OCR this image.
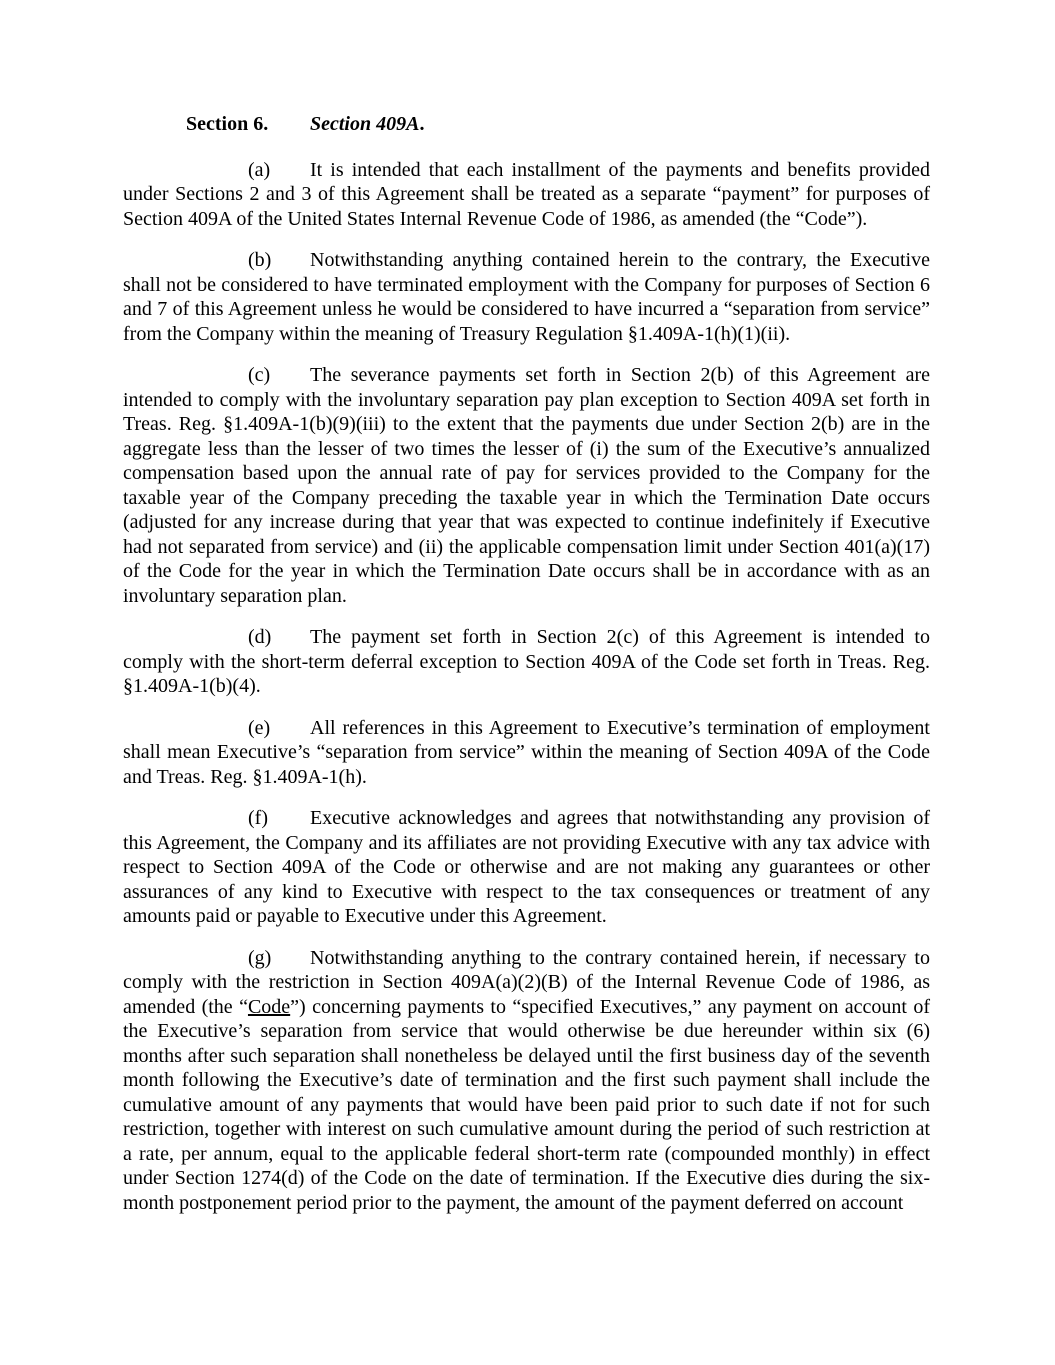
Section 6. Section 409A.

(a) It is intended that each installment of the payments and benefits provided under Sections 2 and 3 of this Agreement shall be treated as a separate “payment” for purposes of Section 409A of the United States Internal Revenue Code of 1986, as amended (the “Code”).

(b) Notwithstanding anything contained herein to the contrary, the Executive shall not be considered to have terminated employment with the Company for purposes of Section 6 and 7 of this Agreement unless he would be considered to have incurred a “separation from service” from the Company within the meaning of Treasury Regulation §1.409A-1(h)(1)(ii).

(c) The severance payments set forth in Section 2(b) of this Agreement are intended to comply with the involuntary separation pay plan exception to Section 409A set forth in Treas. Reg. §1.409A-1(b)(9)(iii) to the extent that the payments due under Section 2(b) are in the aggregate less than the lesser of two times the lesser of (i) the sum of the Executive’s annualized compensation based upon the annual rate of pay for services provided to the Company for the taxable year of the Company preceding the taxable year in which the Termination Date occurs (adjusted for any increase during that year that was expected to continue indefinitely if Executive had not separated from service) and (ii) the applicable compensation limit under Section 401(a)(17) of the Code for the year in which the Termination Date occurs shall be in accordance with as an involuntary separation plan.

(d) The payment set forth in Section 2(c) of this Agreement is intended to comply with the short-term deferral exception to Section 409A of the Code set forth in Treas. Reg. §1.409A-1(b)(4).

(e) All references in this Agreement to Executive’s termination of employment shall mean Executive’s “separation from service” within the meaning of Section 409A of the Code and Treas. Reg. §1.409A-1(h).

(f) Executive acknowledges and agrees that notwithstanding any provision of this Agreement, the Company and its affiliates are not providing Executive with any tax advice with respect to Section 409A of the Code or otherwise and are not making any guarantees or other assurances of any kind to Executive with respect to the tax consequences or treatment of any amounts paid or payable to Executive under this Agreement.

(g) Notwithstanding anything to the contrary contained herein, if necessary to comply with the restriction in Section 409A(a)(2)(B) of the Internal Revenue Code of 1986, as amended (the “Code”) concerning payments to “specified Executives,” any payment on account of the Executive’s separation from service that would otherwise be due hereunder within six (6) months after such separation shall nonetheless be delayed until the first business day of the seventh month following the Executive’s date of termination and the first such payment shall include the cumulative amount of any payments that would have been paid prior to such date if not for such restriction, together with interest on such cumulative amount during the period of such restriction at a rate, per annum, equal to the applicable federal short-term rate (compounded monthly) in effect under Section 1274(d) of the Code on the date of termination. If the Executive dies during the six-month postponement period prior to the payment, the amount of the payment deferred on account
